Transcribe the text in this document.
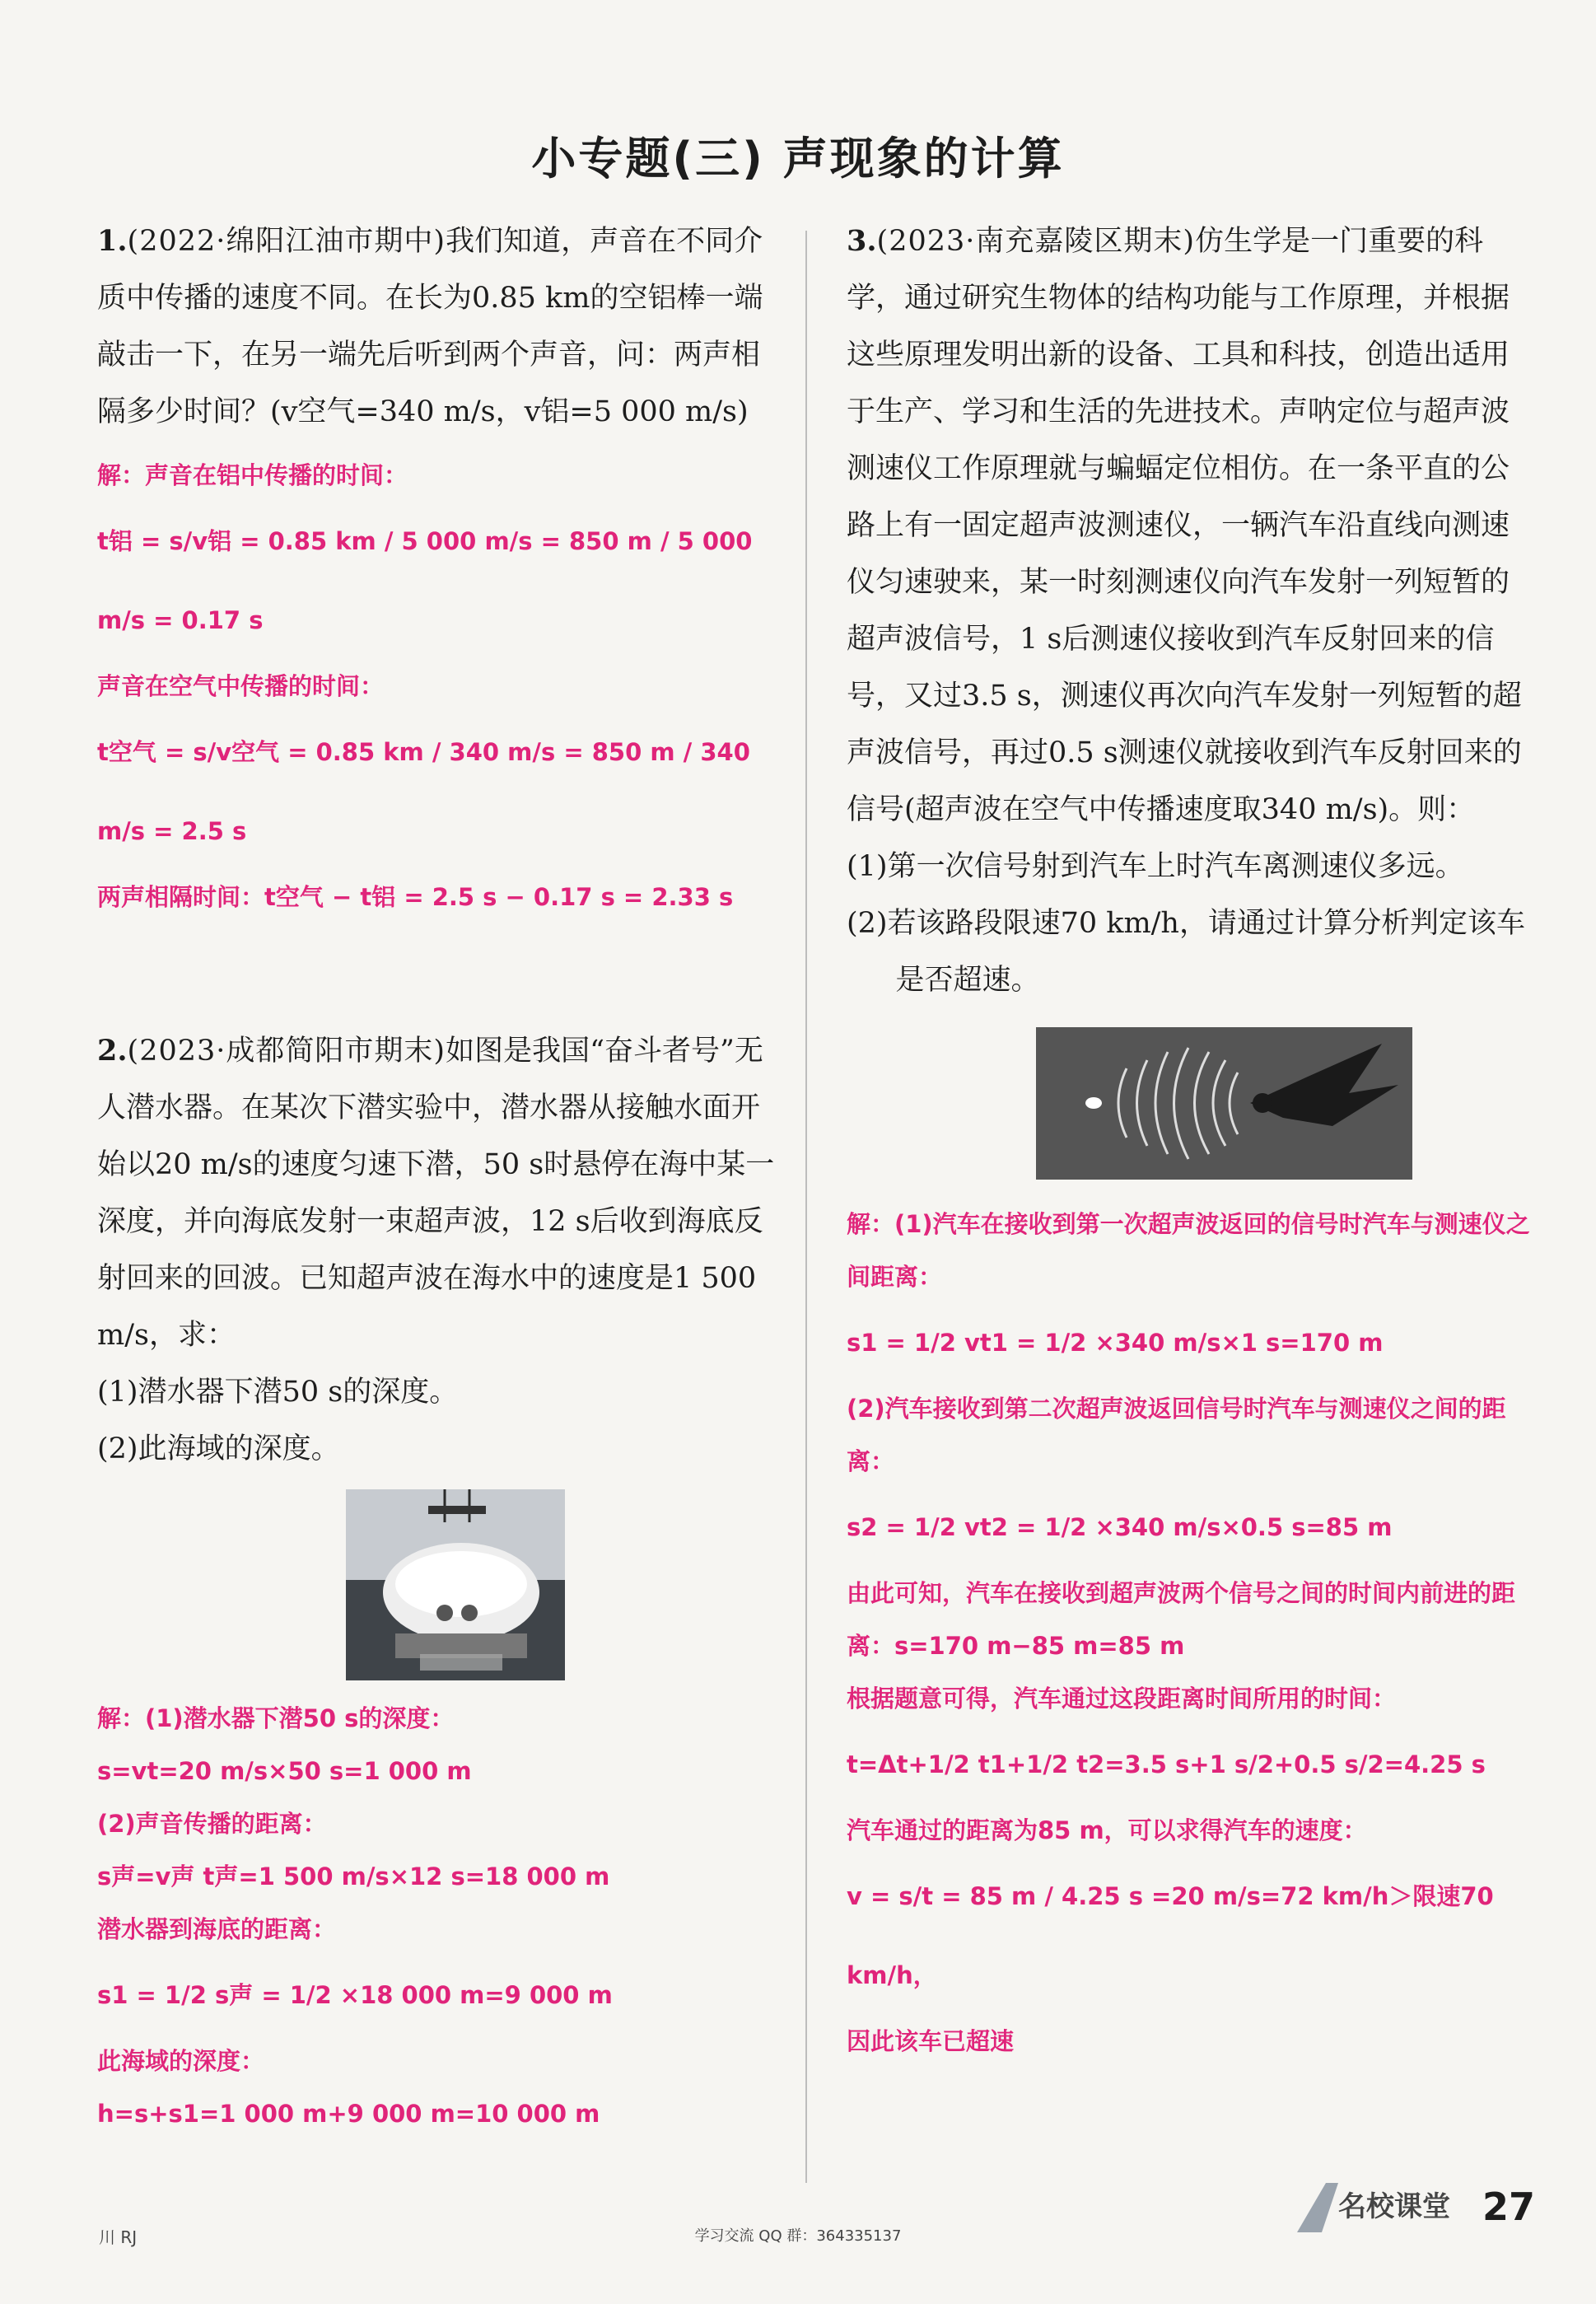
小专题(三) 声现象的计算

1.(2022·绵阳江油市期中)我们知道，声音在不同介质中传播的速度不同。在长为0.85 km的空铝棒一端敲击一下，在另一端先后听到两个声音，问：两声相隔多少时间？(v空气=340 m/s，v铝=5 000 m/s)

解：声音在铝中传播的时间：

t铝 = s/v铝 = 0.85 km / 5 000 m/s = 850 m / 5 000 m/s = 0.17 s

声音在空气中传播的时间：

t空气 = s/v空气 = 0.85 km / 340 m/s = 850 m / 340 m/s = 2.5 s

两声相隔时间：t空气 − t铝 = 2.5 s − 0.17 s = 2.33 s

2.(2023·成都简阳市期末)如图是我国“奋斗者号”无人潜水器。在某次下潜实验中，潜水器从接触水面开始以20 m/s的速度匀速下潜，50 s时悬停在海中某一深度，并向海底发射一束超声波，12 s后收到海底反射回来的回波。已知超声波在海水中的速度是1 500 m/s，求：

(1)潜水器下潜50 s的深度。

(2)此海域的深度。

解：(1)潜水器下潜50 s的深度：

s=vt=20 m/s×50 s=1 000 m

(2)声音传播的距离：

s声=v声 t声=1 500 m/s×12 s=18 000 m

潜水器到海底的距离：

s1 = 1/2 s声 = 1/2 ×18 000 m=9 000 m

此海域的深度：

h=s+s1=1 000 m+9 000 m=10 000 m

3.(2023·南充嘉陵区期末)仿生学是一门重要的科学，通过研究生物体的结构功能与工作原理，并根据这些原理发明出新的设备、工具和科技，创造出适用于生产、学习和生活的先进技术。声呐定位与超声波测速仪工作原理就与蝙蝠定位相仿。在一条平直的公路上有一固定超声波测速仪，一辆汽车沿直线向测速仪匀速驶来，某一时刻测速仪向汽车发射一列短暂的超声波信号，1 s后测速仪接收到汽车反射回来的信号，又过3.5 s，测速仪再次向汽车发射一列短暂的超声波信号，再过0.5 s测速仪就接收到汽车反射回来的信号(超声波在空气中传播速度取340 m/s)。则：

(1)第一次信号射到汽车上时汽车离测速仪多远。

(2)若该路段限速70 km/h，请通过计算分析判定该车是否超速。

解：(1)汽车在接收到第一次超声波返回的信号时汽车与测速仪之间距离：

s1 = 1/2 vt1 = 1/2 ×340 m/s×1 s=170 m

(2)汽车接收到第二次超声波返回信号时汽车与测速仪之间的距离：

s2 = 1/2 vt2 = 1/2 ×340 m/s×0.5 s=85 m

由此可知，汽车在接收到超声波两个信号之间的时间内前进的距离：s=170 m−85 m=85 m

根据题意可得，汽车通过这段距离时间所用的时间：

t=Δt+1/2 t1+1/2 t2=3.5 s+1 s/2+0.5 s/2=4.25 s

汽车通过的距离为85 m，可以求得汽车的速度：

v = s/t = 85 m / 4.25 s =20 m/s=72 km/h＞限速70 km/h，

因此该车已超速

川 RJ	学习交流 QQ 群：364335137
名校课堂 27
